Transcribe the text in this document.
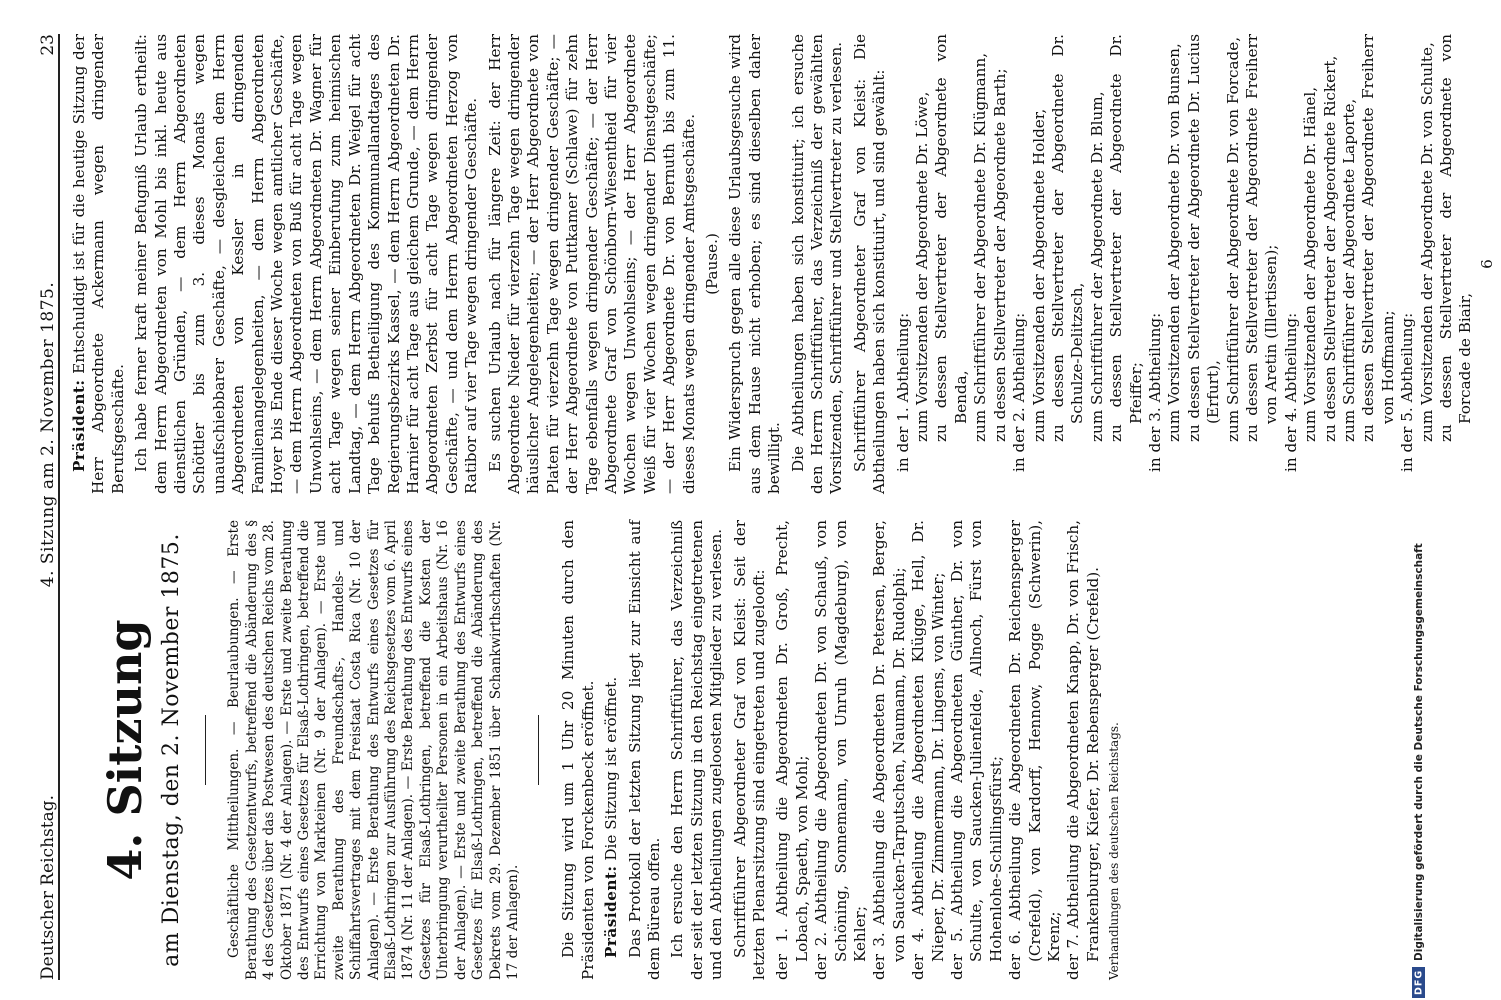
Deutscher Reichstag.
4. Sitzung am 2. November 1875.
23
4. Sitzung am Dienstag, den 2. November 1875.	Geschäftliche Mittheilungen. — Beurlaubungen. — Erste Berathung des Gesetzentwurfs, betreffend die Abänderung des § 4 des Gesetzes über das Postwesen des deutschen Reichs vom 28. Oktober 1871 (Nr. 4 der Anlagen). — Erste und zweite Berathung des Entwurfs eines Gesetzes für Elsaß-Lothringen, betreffend die Errichtung von Markteinen (Nr. 9 der Anlagen). — Erste und zweite Berathung des Freundschafts-, Handels- und Schiffahrtsvertrages mit dem Freistaat Costa Rica (Nr. 10 der Anlagen). — Erste Berathung des Entwurfs eines Gesetzes für Elsaß-Lothringen zur Ausführung des Reichsgesetzes vom 6. April 1874 (Nr. 11 der Anlagen). — Erste Berathung des Entwurfs eines Gesetzes für Elsaß-Lothringen, betreffend die Kosten der Unterbringung verurtheilter Personen in ein Arbeitshaus (Nr. 16 der Anlagen). — Erste und zweite Berathung des Entwurfs eines Gesetzes für Elsaß-Lothringen, betreffend die Abänderung des Dekrets vom 29. Dezember 1851 über Schankwirthschaften (Nr. 17 der Anlagen).	Die Sitzung wird um 1 Uhr 20 Minuten durch den Präsidenten von Forckenbeck eröffnet. Präsident: Die Sitzung ist eröffnet. Das Protokoll der letzten Sitzung liegt zur Einsicht auf dem Büreau offen. Ich ersuche den Herrn Schriftführer, das Verzeichniß der seit der letzten Sitzung in den Reichstag eingetretenen und den Abtheilungen zugeloosten Mitglieder zu verlesen. Schriftführer Abgeordneter Graf von Kleist: Seit der letzten Plenarsitzung sind eingetreten und zugelooft: der 1. Abtheilung die Abgeordneten Dr. Groß, Precht, Lobach, Spaeth, von Mohl; der 2. Abtheilung die Abgeordneten Dr. von Schauß, von Schöning, Sonnemann, von Unruh (Magdeburg), von Kehler; der 3. Abtheilung die Abgeordneten Dr. Petersen, Berger, von Saucken-Tarputschen, Naumann, Dr. Rudolphi; der 4. Abtheilung die Abgeordneten Klügge, Hell, Dr. Nieper, Dr. Zimmermann, Dr. Lingens, von Winter; der 5. Abtheilung die Abgeordneten Günther, Dr. von Schulte, von Saucken-Julienfelde, Allnoch, Fürst von Hohenlohe-Schillingsfürst; der 6. Abtheilung die Abgeordneten Dr. Reichensperger (Crefeld), von Kardorff, Hennow, Pogge (Schwerin), Krenz; der 7. Abtheilung die Abgeordneten Knapp, Dr. von Frisch, Frankenburger, Kiefer, Dr. Rebensperger (Crefeld). Verhandlungen des deutschen Reichstags.

Präsident: Entschuldigt ist für die heutige Sitzung der Herr Abgeordnete Ackermann wegen dringender Berufsgeschäfte. Ich habe ferner kraft meiner Befugniß Urlaub ertheilt: dem Herrn Abgeordneten von Mohl bis inkl. heute aus dienstlichen Gründen, — dem Herrn Abgeordneten Schöttler bis zum 3. dieses Monats wegen unaufschiebbarer Geschäfte, — desgleichen dem Herrn Abgeordneten von Kessler in dringenden Familienangelegenheiten, — dem Herrn Abgeordneten Hoyer bis Ende dieser Woche wegen amtlicher Geschäfte, — dem Herrn Abgeordneten von Buß für acht Tage wegen Unwohlseins, — dem Herrn Abgeordneten Dr. Wagner für acht Tage wegen seiner Einberufung zum heimischen Landtag, — dem Herrn Abgeordneten Dr. Weigel für acht Tage behufs Betheiligung des Kommunallandtages des Regierungsbezirks Kassel, — dem Herrn Abgeordneten Dr. Harnier für acht Tage aus gleichem Grunde, — dem Herrn Abgeordneten Zerbst für acht Tage wegen dringender Geschäfte, — und dem Herrn Abgeordneten Herzog von Ratibor auf vier Tage wegen dringender Geschäfte. Es suchen Urlaub nach für längere Zeit: der Herr Abgeordnete Nieder für vierzehn Tage wegen dringender häuslicher Angelegenheiten; — der Herr Abgeordnete von Platen für vierzehn Tage wegen dringender Geschäfte; — der Herr Abgeordnete von Puttkamer (Schlawe) für zehn Tage ebenfalls wegen dringender Geschäfte; — der Herr Abgeordnete Graf von Schönborn-Wiesentheid für vier Wochen wegen Unwohlseins; — der Herr Abgeordnete Weiß für vier Wochen wegen dringender Dienstgeschäfte; — der Herr Abgeordnete Dr. von Bernuth bis zum 11. dieses Monats wegen dringender Amtsgeschäfte. (Pause.) Ein Widerspruch gegen alle diese Urlaubsgesuche wird aus dem Hause nicht erhoben; es sind dieselben daher bewilligt. Die Abtheilungen haben sich konstituirt; ich ersuche den Herrn Schriftführer, das Verzeichniß der gewählten Vorsitzenden, Schriftführer und Stellvertreter zu verlesen. Schriftführer Abgeordneter Graf von Kleist: Die Abtheilungen haben sich konstituirt, und sind gewählt: in der 1. Abtheilung: zum Vorsitzenden der Abgeordnete Dr. Löwe, zu dessen Stellvertreter der Abgeordnete von Benda, zum Schriftführer der Abgeordnete Dr. Klügmann, zu dessen Stellvertreter der Abgeordnete Barth; in der 2. Abtheilung: zum Vorsitzenden der Abgeordnete Holder, zu dessen Stellvertreter der Abgeordnete Dr. Schulze-Delitzsch, zum Schriftführer der Abgeordnete Dr. Blum, zu dessen Stellvertreter der Abgeordnete Dr. Pfeiffer; in der 3. Abtheilung: zum Vorsitzenden der Abgeordnete Dr. von Bunsen, zu dessen Stellvertreter der Abgeordnete Dr. Lucius (Erfurt), zum Schriftführer der Abgeordnete Dr. von Forcade, zu dessen Stellvertreter der Abgeordnete Freiherr von Aretin (Illertissen); in der 4. Abtheilung: zum Vorsitzenden der Abgeordnete Dr. Hänel, zu dessen Stellvertreter der Abgeordnete Rickert, zum Schriftführer der Abgeordnete Laporte, zu dessen Stellvertreter der Abgeordnete Freiherr von Hoffmann; in der 5. Abtheilung: zum Vorsitzenden der Abgeordnete Dr. von Schulte, zu dessen Stellvertreter der Abgeordnete von Forcade de Biair,

6

DFG
Digitalisierung gefördert durch die Deutsche Forschungsgemeinschaft
